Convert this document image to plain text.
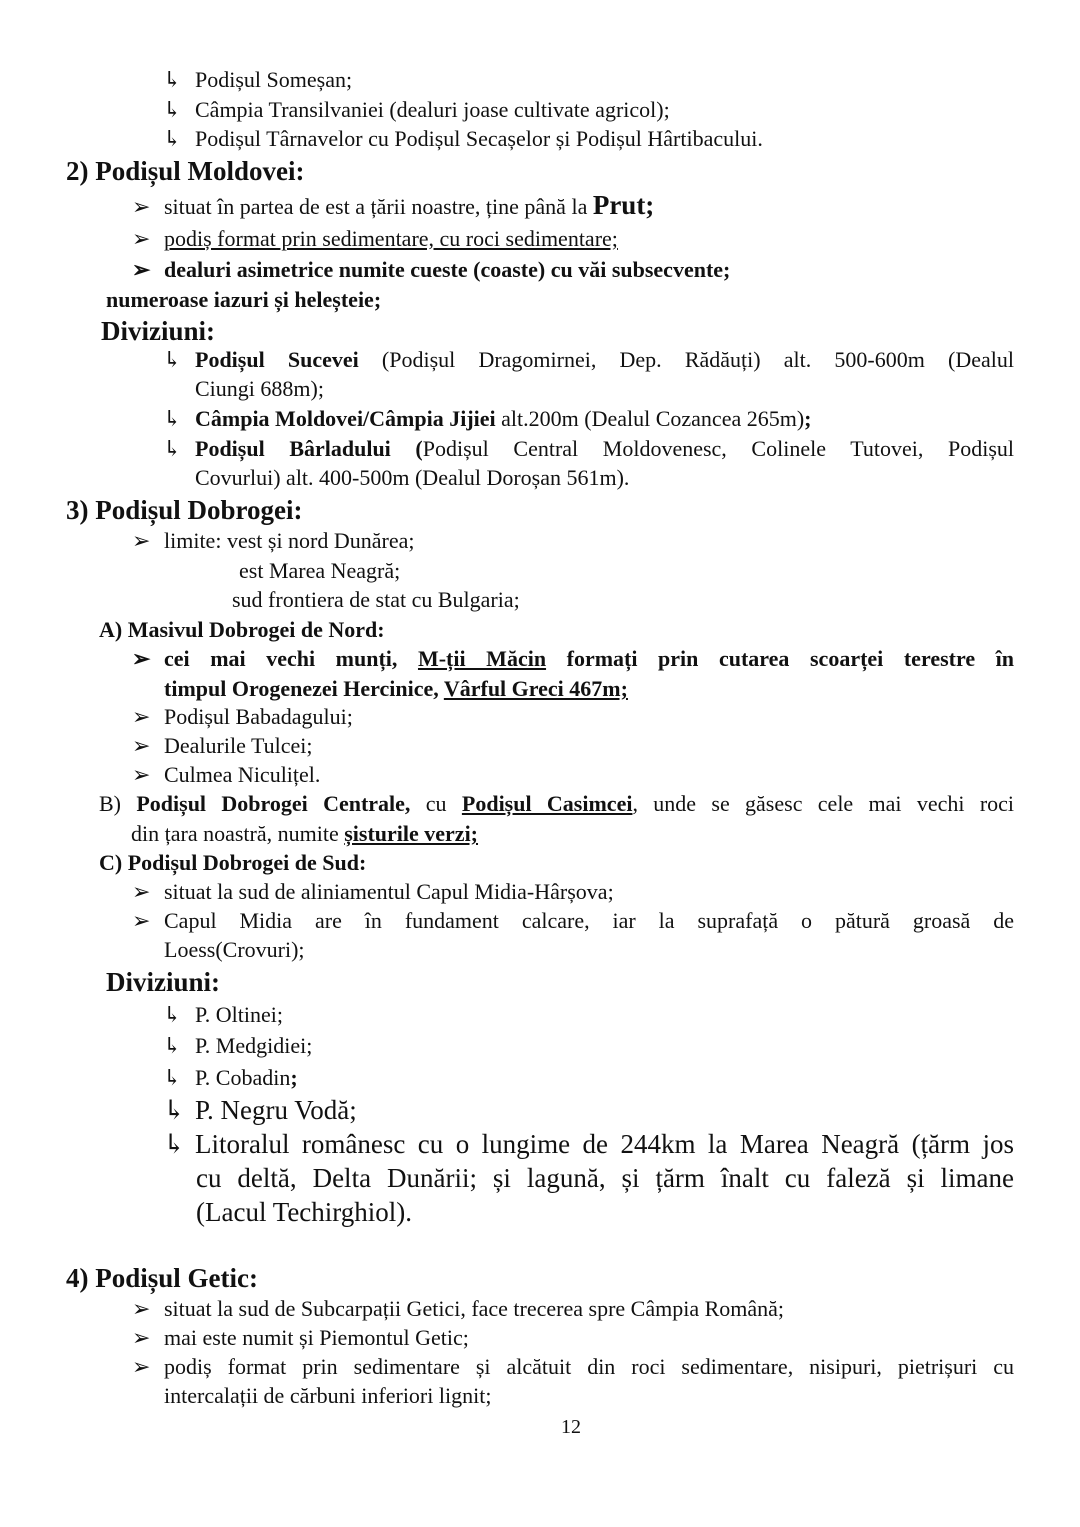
↳ Podișul Someșan;
↳ Câmpia Transilvaniei (dealuri joase cultivate agricol);
↳ Podișul Târnavelor cu Podișul Secașelor și Podișul Hârtibacului.
2) Podișul Moldovei:
➢ situat în partea de est a țării noastre, ține până la Prut;
➢ podiș format prin sedimentare, cu roci sedimentare;
➢ dealuri asimetrice numite cueste (coaste) cu văi subsecvente;
numeroase iazuri și heleșteie;
Diviziuni:
↳ Podișul Sucevei (Podișul Dragomirnei, Dep. Rădăuți) alt. 500-600m (Dealul
Ciungi 688m);
↳ Câmpia Moldovei/Câmpia Jijiei alt.200m (Dealul Cozancea 265m);
↳ Podișul Bârladului (Podișul Central Moldovenesc, Colinele Tutovei, Podișul
Covurlui) alt. 400-500m (Dealul Doroșan 561m).
3) Podișul Dobrogei:
➢ limite: vest și nord Dunărea;
est Marea Neagră;
sud frontiera de stat cu Bulgaria;
A) Masivul Dobrogei de Nord:
➢ cei mai vechi munți, M-ții Măcin formați prin cutarea scoarței terestre în
timpul Orogenezei Hercinice, Vârful Greci 467m;
➢ Podișul Babadagului;
➢ Dealurile Tulcei;
➢ Culmea Niculițel.
B) Podișul Dobrogei Centrale, cu Podișul Casimcei, unde se găsesc cele mai vechi roci
din țara noastră, numite șisturile verzi;
C) Podișul Dobrogei de Sud:
➢ situat la sud de aliniamentul Capul Midia-Hârșova;
➢ Capul Midia are în fundament calcare, iar la suprafață o pătură groasă de
Loess(Crovuri);
Diviziuni:
↳ P. Oltinei;
↳ P. Medgidiei;
↳ P. Cobadin;
↳ P. Negru Vodă;
↳ Litoralul românesc cu o lungime de 244km la Marea Neagră (țărm jos
cu deltă, Delta Dunării; și lagună, și țărm înalt cu faleză și limane
(Lacul Techirghiol).
4) Podișul Getic:
➢ situat la sud de Subcarpații Getici, face trecerea spre Câmpia Română;
➢ mai este numit și Piemontul Getic;
➢ podiș format prin sedimentare și alcătuit din roci sedimentare, nisipuri, pietrișuri cu
intercalații de cărbuni inferiori lignit;
12
